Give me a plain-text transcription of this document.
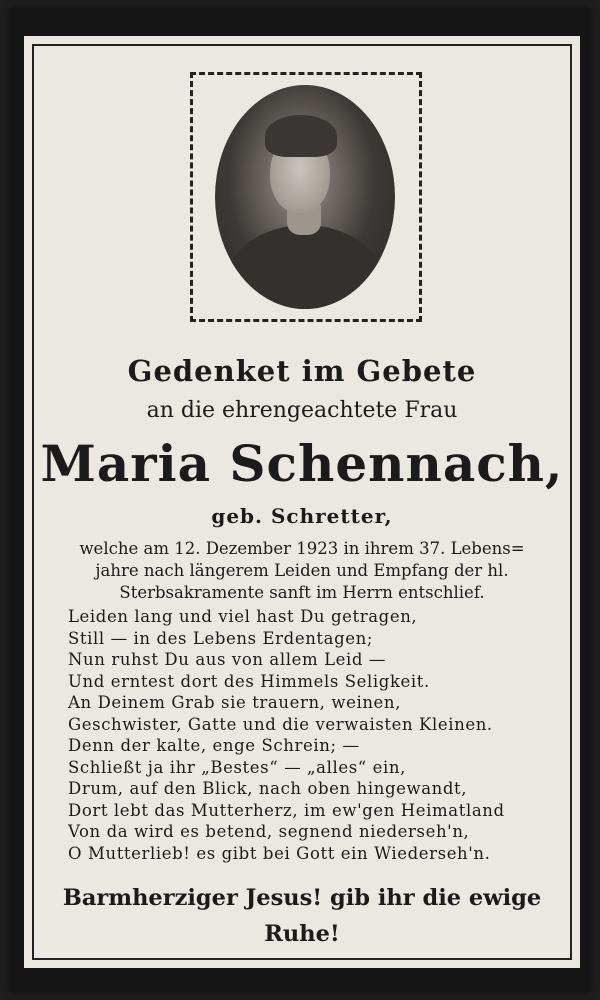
Gedenket im Gebete
an die ehrengeachtete Frau
Maria Schennach,
geb. Schretter,
welche am 12. Dezember 1923 in ihrem 37. Lebens=
jahre nach längerem Leiden und Empfang der hl.
Sterbsakramente sanft im Herrn entschlief.
Leiden lang und viel hast Du getragen,
Still — in des Lebens Erdentagen;
Nun ruhst Du aus von allem Leid —
Und erntest dort des Himmels Seligkeit.
An Deinem Grab sie trauern, weinen,
Geschwister, Gatte und die verwaisten Kleinen.
Denn der kalte, enge Schrein; —
Schließt ja ihr „Bestes“ — „alles“ ein,
Drum, auf den Blick, nach oben hingewandt,
Dort lebt das Mutterherz, im ew'gen Heimatland
Von da wird es betend, segnend niederseh'n,
O Mutterlieb! es gibt bei Gott ein Wiederseh'n.
Barmherziger Jesus! gib ihr die ewige
Ruhe!
